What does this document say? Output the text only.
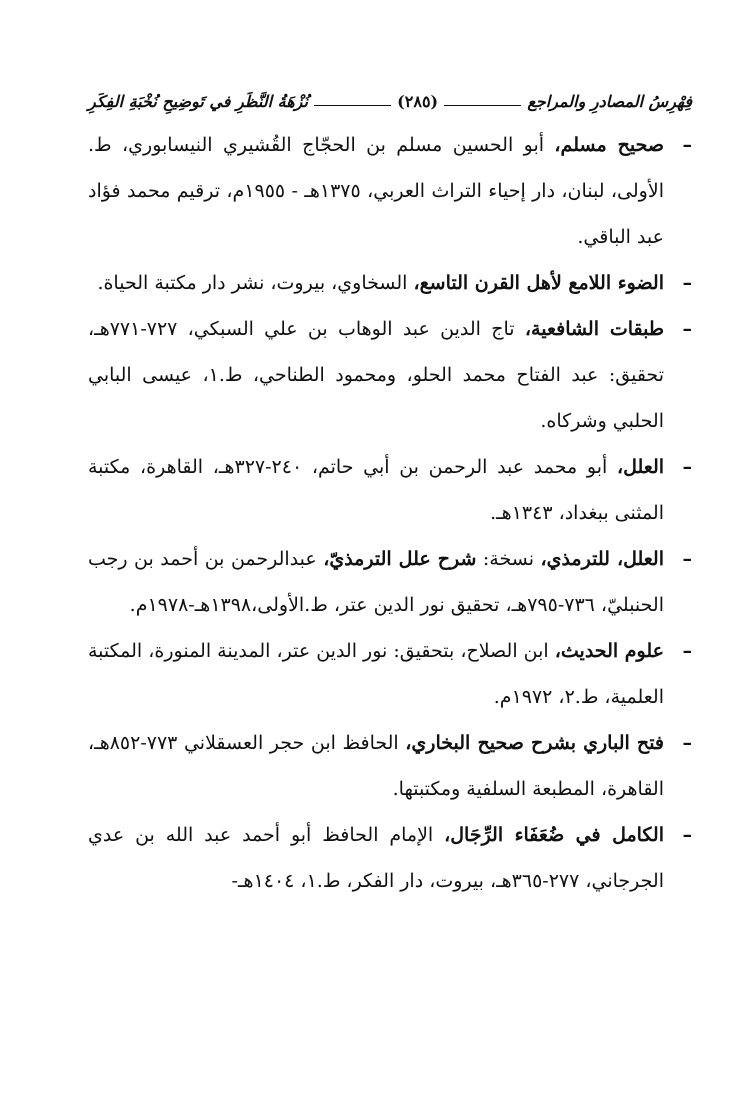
فِهْرِسُ المصادرِ والمراجع
(٢٨٥)
نُزْهَةُ النَّظَرِ في تَوضِيحِ نُخْبَةِ الفِكَرِ
–
صحيح مسلم، أبو الحسين مسلم بن الحجّاج القُشيري النيسابوري، ط. الأولى، لبنان، دار إحياء التراث العربي، ١٣٧٥هـ - ١٩٥٥م، ترقيم محمد فؤاد عبد الباقي.
–
الضوء اللامع لأهل القرن التاسع، السخاوي، بيروت، نشر دار مكتبة الحياة.
–
طبقات الشافعية، تاج الدين عبد الوهاب بن علي السبكي، ٧٢٧-٧٧١هـ، تحقيق: عبد الفتاح محمد الحلو، ومحمود الطناحي، ط.١، عيسى البابي الحلبي وشركاه.
–
العلل، أبو محمد عبد الرحمن بن أبي حاتم، ٢٤٠-٣٢٧هـ، القاهرة، مكتبة المثنى ببغداد، ١٣٤٣هـ.
–
العلل، للترمذي، نسخة: شرح علل الترمذيّ، عبدالرحمن بن أحمد بن رجب الحنبليّ، ٧٣٦-٧٩٥هـ، تحقيق نور الدين عتر، ط.الأولى،١٣٩٨هـ-١٩٧٨م.
–
علوم الحديث، ابن الصلاح، بتحقيق: نور الدين عتر، المدينة المنورة، المكتبة العلمية، ط.٢، ١٩٧٢م.
–
فتح الباري بشرح صحيح البخاري، الحافظ ابن حجر العسقلاني ٧٧٣-٨٥٢هـ، القاهرة، المطبعة السلفية ومكتبتها.
–
الكامل في ضُعَفَاء الرِّجَال، الإمام الحافظ أبو أحمد عبد الله بن عدي الجرجاني، ٢٧٧-٣٦٥هـ، بيروت، دار الفكر، ط.١، ١٤٠٤هـ-
